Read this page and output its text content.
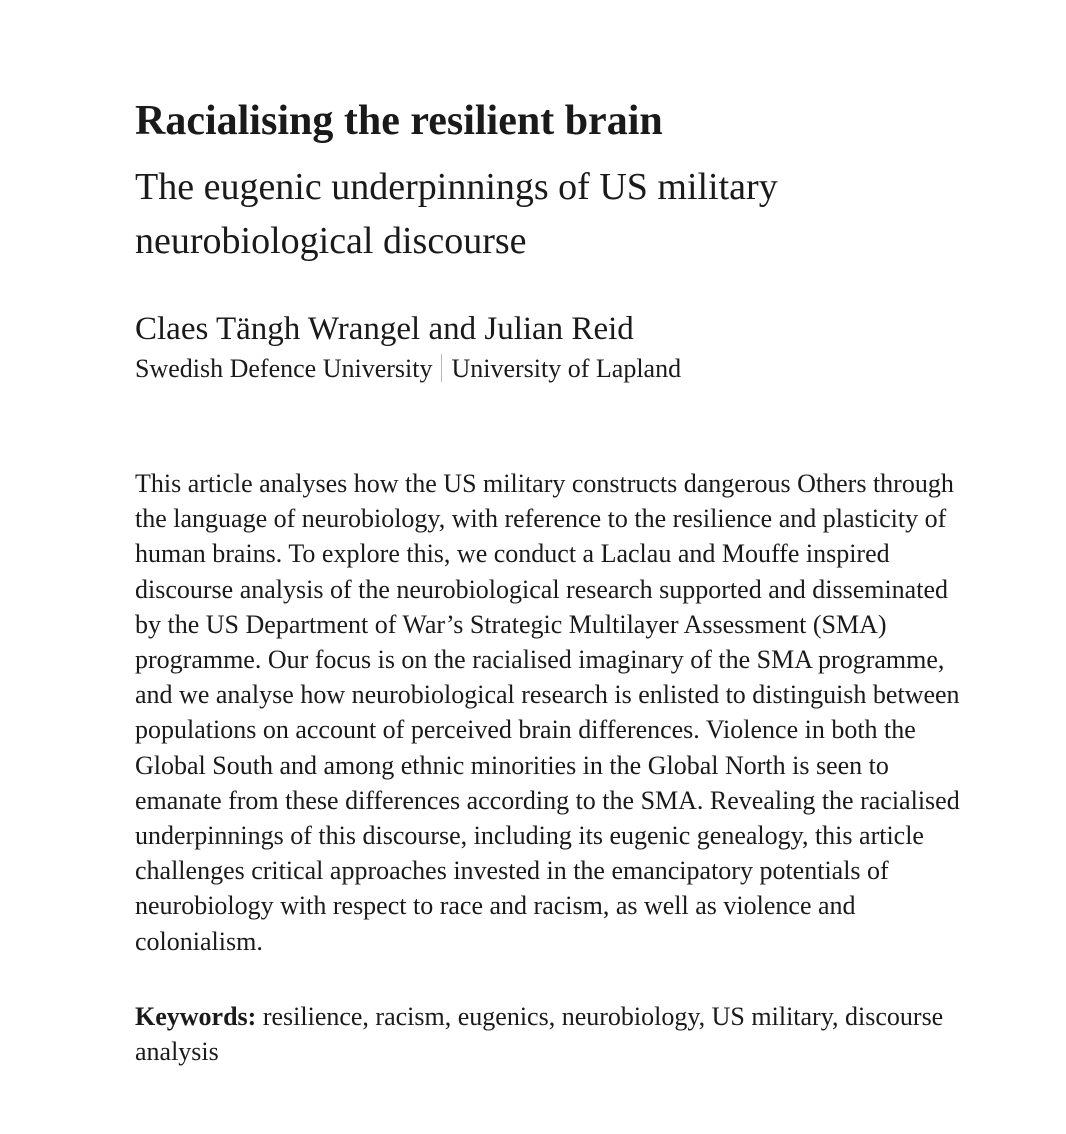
Racialising the resilient brain
The eugenic underpinnings of US military neurobiological discourse
Claes Tängh Wrangel and Julian Reid
Swedish Defence University University of Lapland

This article analyses how the US military constructs dangerous Others through the language of neurobiology, with reference to the resilience and plasticity of human brains. To explore this, we conduct a Laclau and Mouffe inspired discourse analysis of the neurobiological research supported and disseminated by the US Department of War’s Strategic Multilayer Assessment (SMA) programme. Our focus is on the racialised imaginary of the SMA programme, and we analyse how neurobiological research is enlisted to distinguish between populations on account of perceived brain differences. Violence in both the Global South and among ethnic minorities in the Global North is seen to emanate from these differences according to the SMA. Revealing the racialised underpinnings of this discourse, including its eugenic genealogy, this article challenges critical approaches invested in the emancipatory potentials of neurobiology with respect to race and racism, as well as violence and colonialism.

Keywords: resilience, racism, eugenics, neurobiology, US military, discourse analysis
